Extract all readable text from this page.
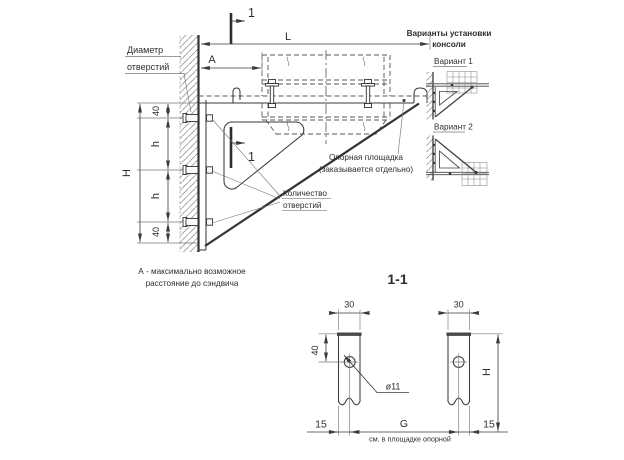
1
1
L
A
40
h
h
40
H
Диаметр
отверстий
Опорная площадка
(заказывается отдельно)
Количество
отверстий
А - максимально возможное
расстояние до сэндвича
Варианты установки
консоли
Вариант 1
Вариант 2
1-1
30	30
40
ø11
H
15	G	15
см. в площадке опорной
